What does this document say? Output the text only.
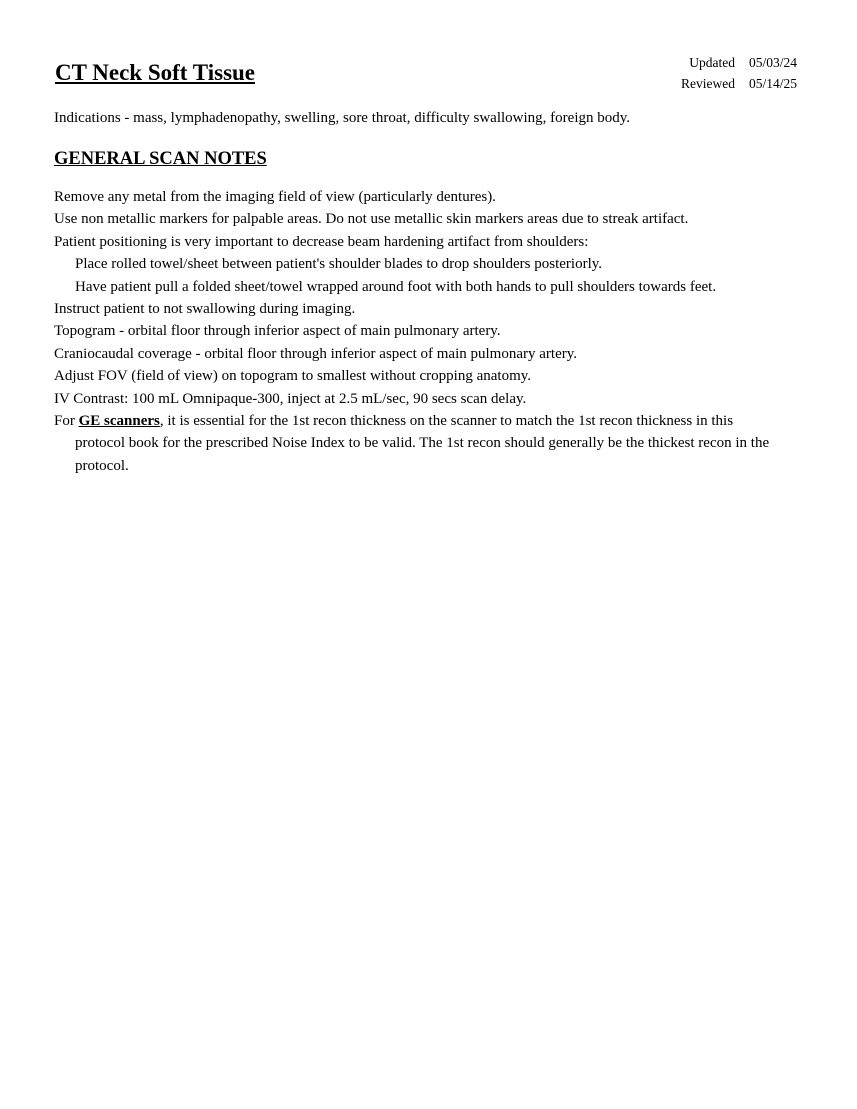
CT Neck Soft Tissue	Updated 05/03/24
Reviewed 05/14/25

Indications - mass, lymphadenopathy, swelling, sore throat, difficulty swallowing, foreign body.

GENERAL SCAN NOTES
Remove any metal from the imaging field of view (particularly dentures).
Use non metallic markers for palpable areas. Do not use metallic skin markers areas due to streak artifact.
Patient positioning is very important to decrease beam hardening artifact from shoulders:
Place rolled towel/sheet between patient's shoulder blades to drop shoulders posteriorly.
Have patient pull a folded sheet/towel wrapped around foot with both hands to pull shoulders towards feet.
Instruct patient to not swallowing during imaging.
Topogram - orbital floor through inferior aspect of main pulmonary artery.
Craniocaudal coverage - orbital floor through inferior aspect of main pulmonary artery.
Adjust FOV (field of view) on topogram to smallest without cropping anatomy.
IV Contrast: 100 mL Omnipaque-300, inject at 2.5 mL/sec, 90 secs scan delay.
For GE scanners, it is essential for the 1st recon thickness on the scanner to match the 1st recon thickness in this protocol book for the prescribed Noise Index to be valid. The 1st recon should generally be the thickest recon in the protocol.
